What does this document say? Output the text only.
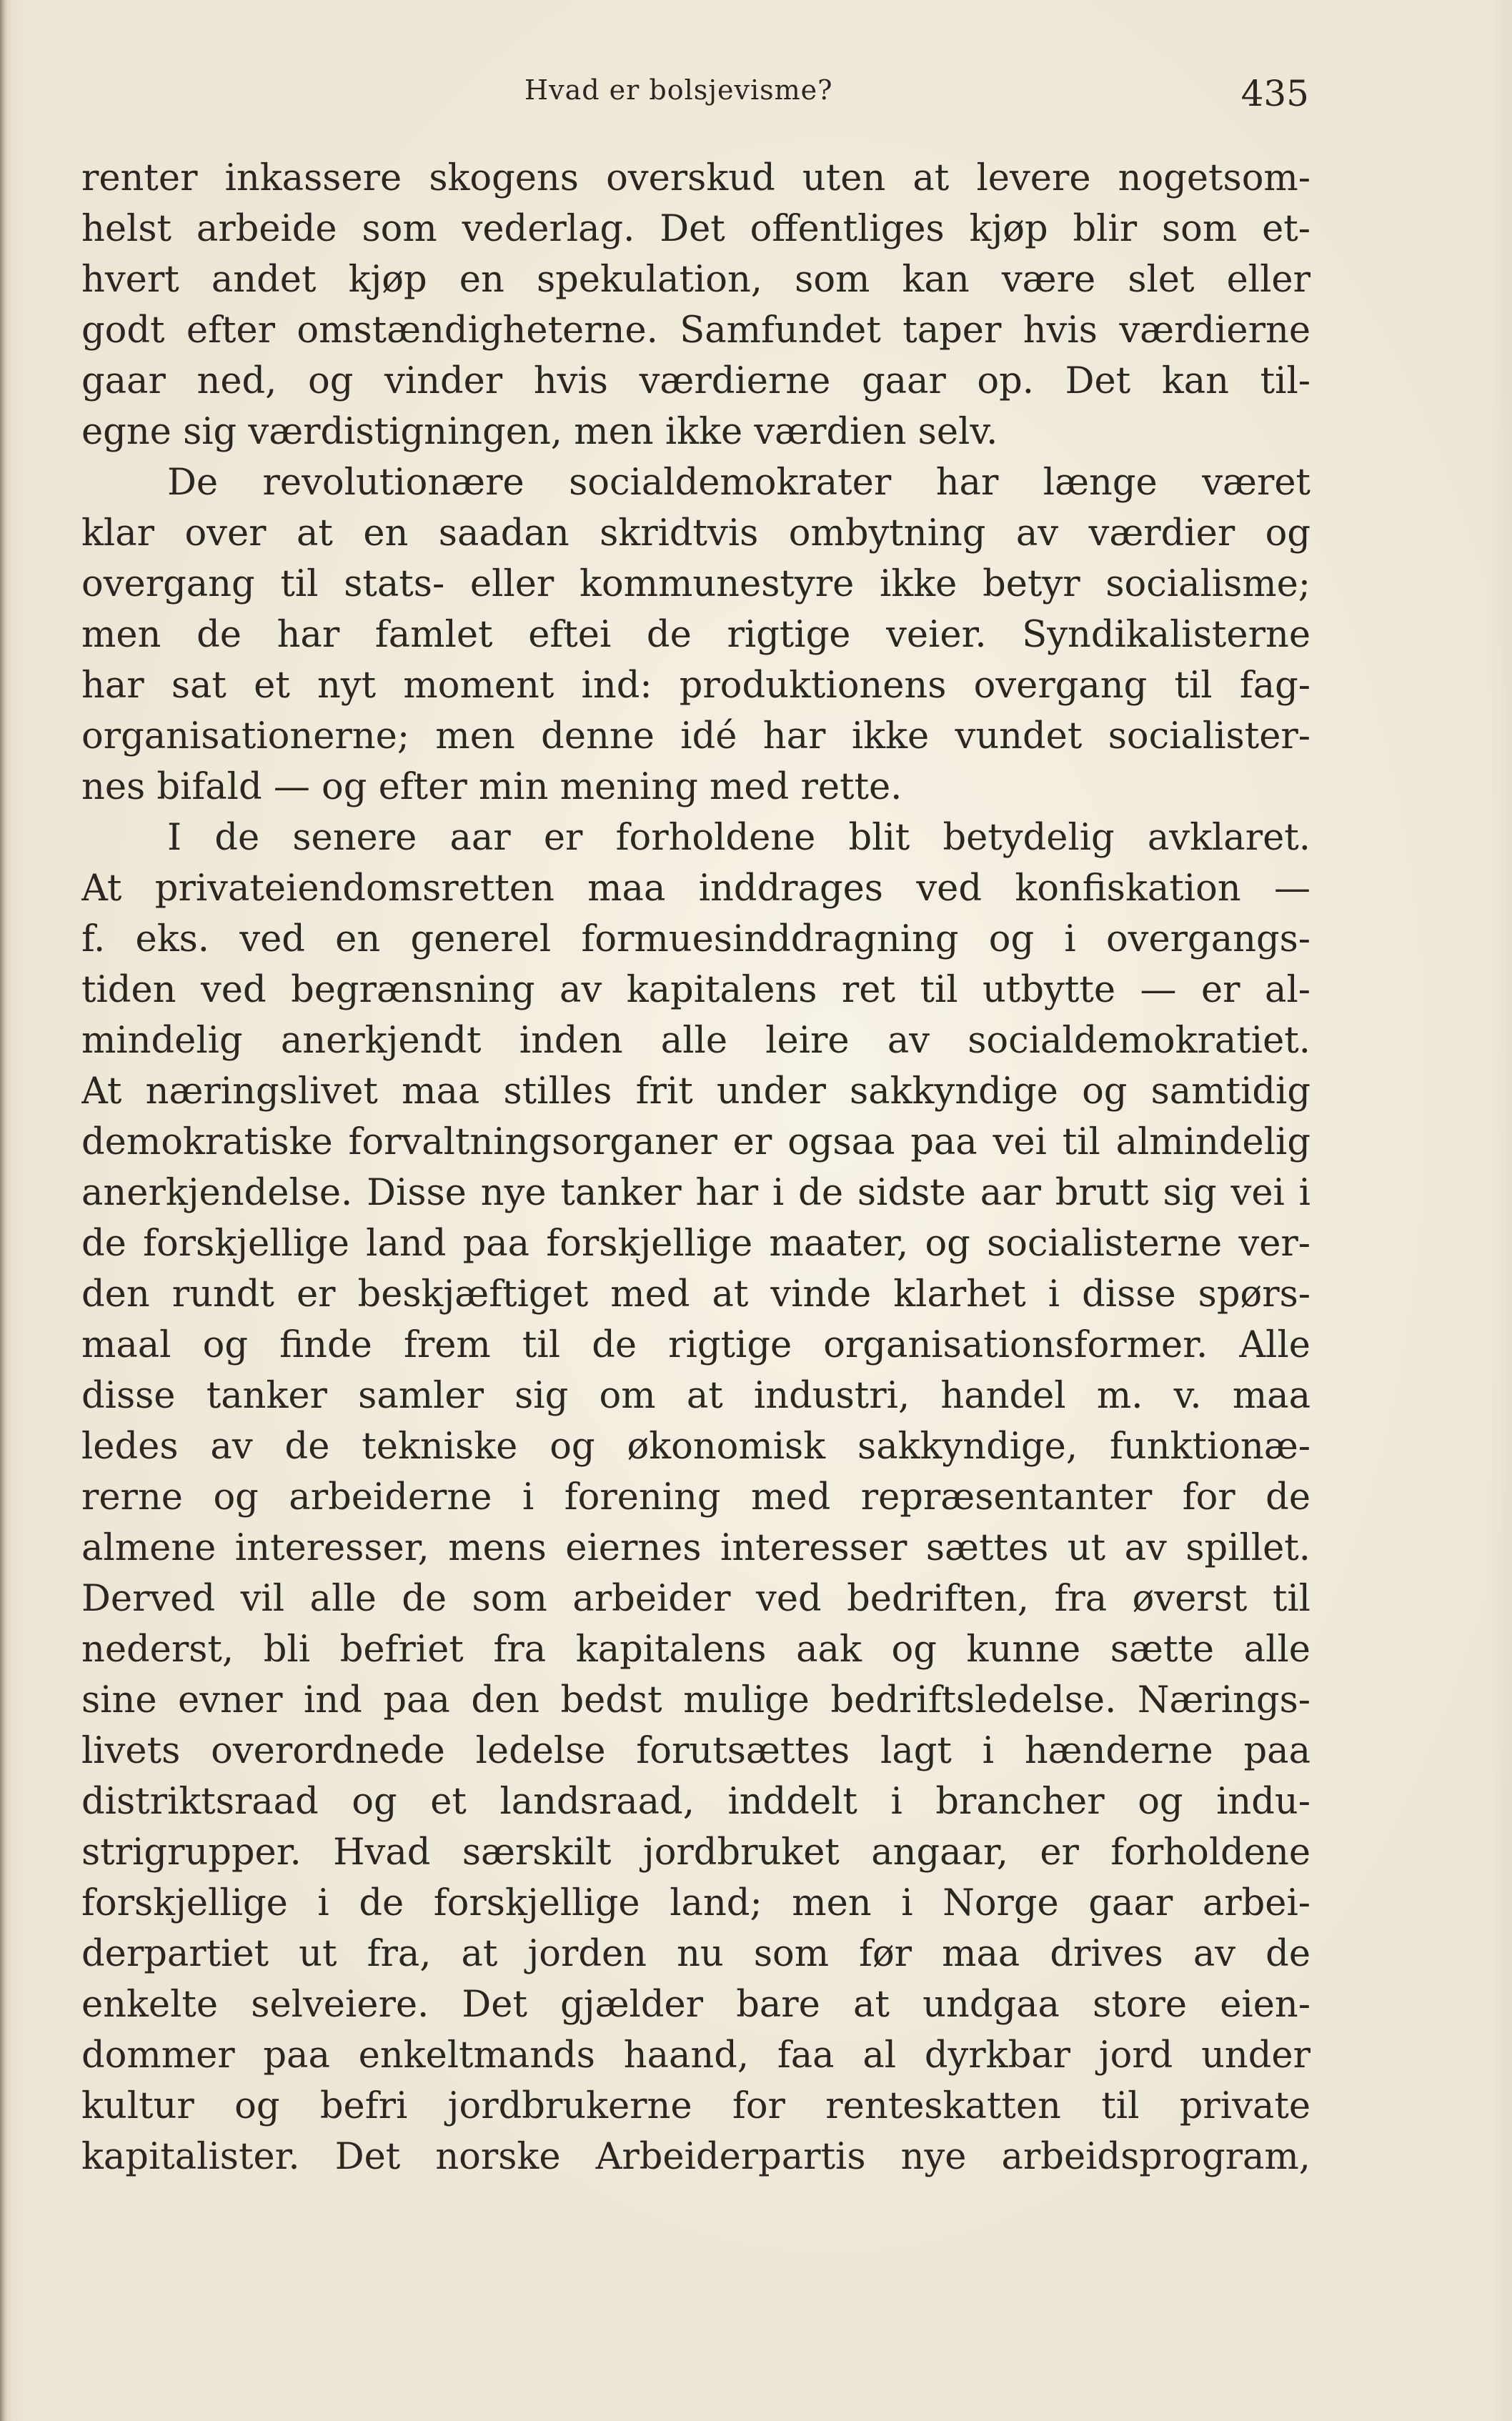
Hvad er bolsjevisme?	435
renter inkassere skogens overskud uten at levere nogetsom-
helst arbeide som vederlag. Det offentliges kjøp blir som et-
hvert andet kjøp en spekulation, som kan være slet eller
godt efter omstændigheterne. Samfundet taper hvis værdierne
gaar ned, og vinder hvis værdierne gaar op. Det kan til-
egne sig værdistigningen, men ikke værdien selv.
De revolutionære socialdemokrater har længe været
klar over at en saadan skridtvis ombytning av værdier og
overgang til stats- eller kommunestyre ikke betyr socialisme;
men de har famlet eftei de rigtige veier. Syndikalisterne
har sat et nyt moment ind: produktionens overgang til fag-
organisationerne; men denne idé har ikke vundet socialister-
nes bifald — og efter min mening med rette.
I de senere aar er forholdene blit betydelig avklaret.
At privateiendomsretten maa inddrages ved konfiskation —
f. eks. ved en generel formuesinddragning og i overgangs-
tiden ved begrænsning av kapitalens ret til utbytte — er al-
mindelig anerkjendt inden alle leire av socialdemokratiet.
At næringslivet maa stilles frit under sakkyndige og samtidig
demokratiske forvaltningsorganer er ogsaa paa vei til almindelig
anerkjendelse. Disse nye tanker har i de sidste aar brutt sig vei i
de forskjellige land paa forskjellige maater, og socialisterne ver-
den rundt er beskjæftiget med at vinde klarhet i disse spørs-
maal og finde frem til de rigtige organisationsformer. Alle
disse tanker samler sig om at industri, handel m. v. maa
ledes av de tekniske og økonomisk sakkyndige, funktionæ-
rerne og arbeiderne i forening med repræsentanter for de
almene interesser, mens eiernes interesser sættes ut av spillet.
Derved vil alle de som arbeider ved bedriften, fra øverst til
nederst, bli befriet fra kapitalens aak og kunne sætte alle
sine evner ind paa den bedst mulige bedriftsledelse. Nærings-
livets overordnede ledelse forutsættes lagt i hænderne paa
distriktsraad og et landsraad, inddelt i brancher og indu-
strigrupper. Hvad særskilt jordbruket angaar, er forholdene
forskjellige i de forskjellige land; men i Norge gaar arbei-
derpartiet ut fra, at jorden nu som før maa drives av de
enkelte selveiere. Det gjælder bare at undgaa store eien-
dommer paa enkeltmands haand, faa al dyrkbar jord under
kultur og befri jordbrukerne for renteskatten til private
kapitalister. Det norske Arbeiderpartis nye arbeidsprogram,
